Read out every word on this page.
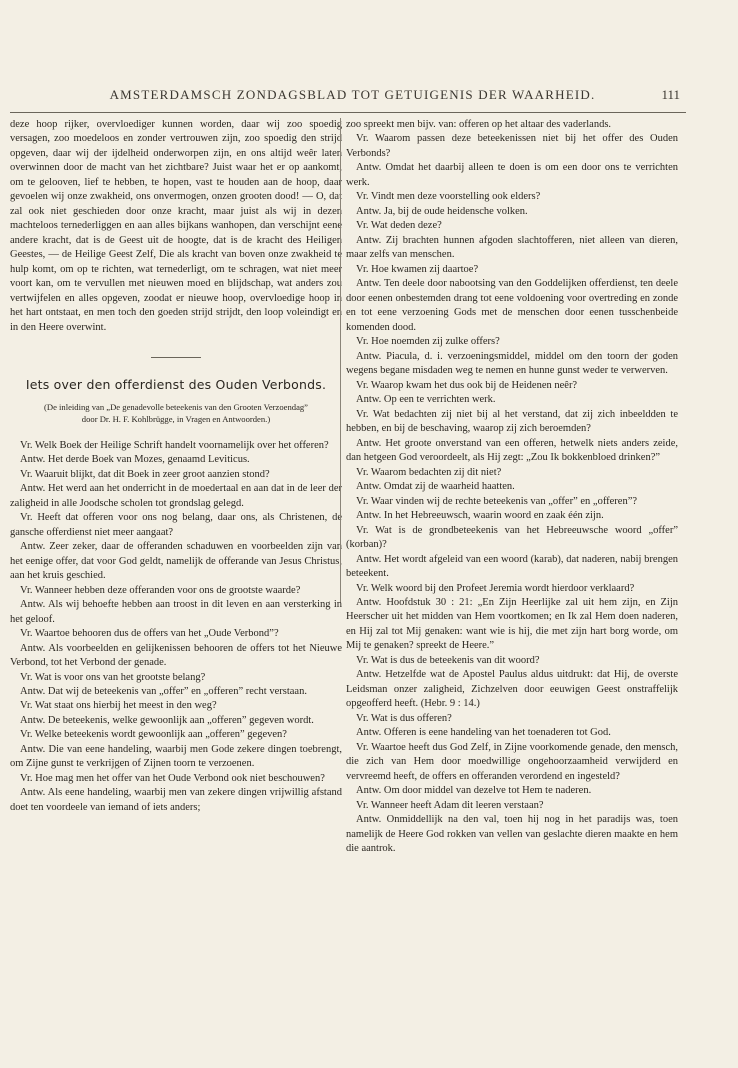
AMSTERDAMSCH ZONDAGSBLAD TOT GETUIGENIS DER WAARHEID.	111

deze hoop rijker, overvloediger kunnen worden, daar wij zoo spoedig versagen, zoo moedeloos en zonder vertrouwen zijn, zoo spoedig den strijd opgeven, daar wij der ijdelheid onderworpen zijn, en ons altijd weêr laten overwinnen door de macht van het zichtbare? Juist waar het er op aankomt, om te gelooven, lief te hebben, te hopen, vast te houden aan de hoop, daar gevoelen wij onze zwakheid, ons onvermogen, onzen grooten dood! — O, dat zal ook niet geschieden door onze kracht, maar juist als wij in dezen machteloos ternederliggen en aan alles bijkans wanhopen, dan verschijnt eene andere kracht, dat is de Geest uit de hoogte, dat is de kracht des Heiligen Geestes, — de Heilige Geest Zelf, Die als kracht van boven onze zwakheid te hulp komt, om op te richten, wat ternederligt, om te schragen, wat niet meer voort kan, om te vervullen met nieuwen moed en blijdschap, wat anders zou vertwijfelen en alles opgeven, zoodat er nieuwe hoop, overvloedige hoop in het hart ontstaat, en men toch den goeden strijd strijdt, den loop voleindigt en in den Heere overwint.

Iets over den offerdienst des Ouden Verbonds.
(De inleiding van „De genadevolle beteekenis van den Grooten Verzoendag”
door Dr. H. F. Kohlbrügge, in Vragen en Antwoorden.)

Vr. Welk Boek der Heilige Schrift handelt voornamelijk over het offeren?

Antw. Het derde Boek van Mozes, genaamd Leviticus.

Vr. Waaruit blijkt, dat dit Boek in zeer groot aanzien stond?

Antw. Het werd aan het onderricht in de moedertaal en aan dat in de leer der zaligheid in alle Joodsche scholen tot grondslag gelegd.

Vr. Heeft dat offeren voor ons nog belang, daar ons, als Christenen, de gansche offerdienst niet meer aangaat?

Antw. Zeer zeker, daar de offeranden schaduwen en voorbeelden zijn van het eenige offer, dat voor God geldt, namelijk de offerande van Jesus Christus, aan het kruis geschied.

Vr. Wanneer hebben deze offeranden voor ons de grootste waarde?

Antw. Als wij behoefte hebben aan troost in dit leven en aan versterking in het geloof.

Vr. Waartoe behooren dus de offers van het „Oude Verbond”?

Antw. Als voorbeelden en gelijkenissen behooren de offers tot het Nieuwe Verbond, tot het Verbond der genade.

Vr. Wat is voor ons van het grootste belang?

Antw. Dat wij de beteekenis van „offer” en „offeren” recht verstaan.

Vr. Wat staat ons hierbij het meest in den weg?

Antw. De beteekenis, welke gewoonlijk aan „offeren” gegeven wordt.

Vr. Welke beteekenis wordt gewoonlijk aan „offeren” gegeven?

Antw. Die van eene handeling, waarbij men Gode zekere dingen toebrengt, om Zijne gunst te verkrijgen of Zijnen toorn te verzoenen.

Vr. Hoe mag men het offer van het Oude Verbond ook niet beschouwen?

Antw. Als eene handeling, waarbij men van zekere dingen vrijwillig afstand doet ten voordeele van iemand of iets anders;

zoo spreekt men bijv. van: offeren op het altaar des vaderlands.

Vr. Waarom passen deze beteekenissen niet bij het offer des Ouden Verbonds?

Antw. Omdat het daarbij alleen te doen is om een door ons te verrichten werk.

Vr. Vindt men deze voorstelling ook elders?

Antw. Ja, bij de oude heidensche volken.

Vr. Wat deden deze?

Antw. Zij brachten hunnen afgoden slachtofferen, niet alleen van dieren, maar zelfs van menschen.

Vr. Hoe kwamen zij daartoe?

Antw. Ten deele door nabootsing van den Goddelijken offerdienst, ten deele door eenen onbestemden drang tot eene voldoening voor overtreding en zonde en tot eene verzoening Gods met de menschen door eenen tusschenbeide komenden dood.

Vr. Hoe noemden zij zulke offers?

Antw. Piacula, d. i. verzoeningsmiddel, middel om den toorn der goden wegens begane misdaden weg te nemen en hunne gunst weder te verwerven.

Vr. Waarop kwam het dus ook bij de Heidenen neêr?

Antw. Op een te verrichten werk.

Vr. Wat bedachten zij niet bij al het verstand, dat zij zich inbeeldden te hebben, en bij de beschaving, waarop zij zich beroemden?

Antw. Het groote onverstand van een offeren, hetwelk niets anders zeide, dan hetgeen God veroordeelt, als Hij zegt: „Zou Ik bokkenbloed drinken?”

Vr. Waarom bedachten zij dit niet?

Antw. Omdat zij de waarheid haatten.

Vr. Waar vinden wij de rechte beteekenis van „offer” en „offeren”?

Antw. In het Hebreeuwsch, waarin woord en zaak één zijn.

Vr. Wat is de grondbeteekenis van het Hebreeuwsche woord „offer” (korban)?

Antw. Het wordt afgeleid van een woord (karab), dat naderen, nabij brengen beteekent.

Vr. Welk woord bij den Profeet Jeremia wordt hierdoor verklaard?

Antw. Hoofdstuk 30 : 21: „En Zijn Heerlijke zal uit hem zijn, en Zijn Heerscher uit het midden van Hem voortkomen; en Ik zal Hem doen naderen, en Hij zal tot Mij genaken: want wie is hij, die met zijn hart borg worde, om Mij te genaken? spreekt de Heere.”

Vr. Wat is dus de beteekenis van dit woord?

Antw. Hetzelfde wat de Apostel Paulus aldus uitdrukt: dat Hij, de overste Leidsman onzer zaligheid, Zichzelven door eeuwigen Geest onstraffelijk opgeofferd heeft. (Hebr. 9 : 14.)

Vr. Wat is dus offeren?

Antw. Offeren is eene handeling van het toenaderen tot God.

Vr. Waartoe heeft dus God Zelf, in Zijne voorkomende genade, den mensch, die zich van Hem door moedwillige ongehoorzaamheid verwijderd en vervreemd heeft, de offers en offeranden verordend en ingesteld?

Antw. Om door middel van dezelve tot Hem te naderen.

Vr. Wanneer heeft Adam dit leeren verstaan?

Antw. Onmiddellijk na den val, toen hij nog in het paradijs was, toen namelijk de Heere God rokken van vellen van geslachte dieren maakte en hem die aantrok.
